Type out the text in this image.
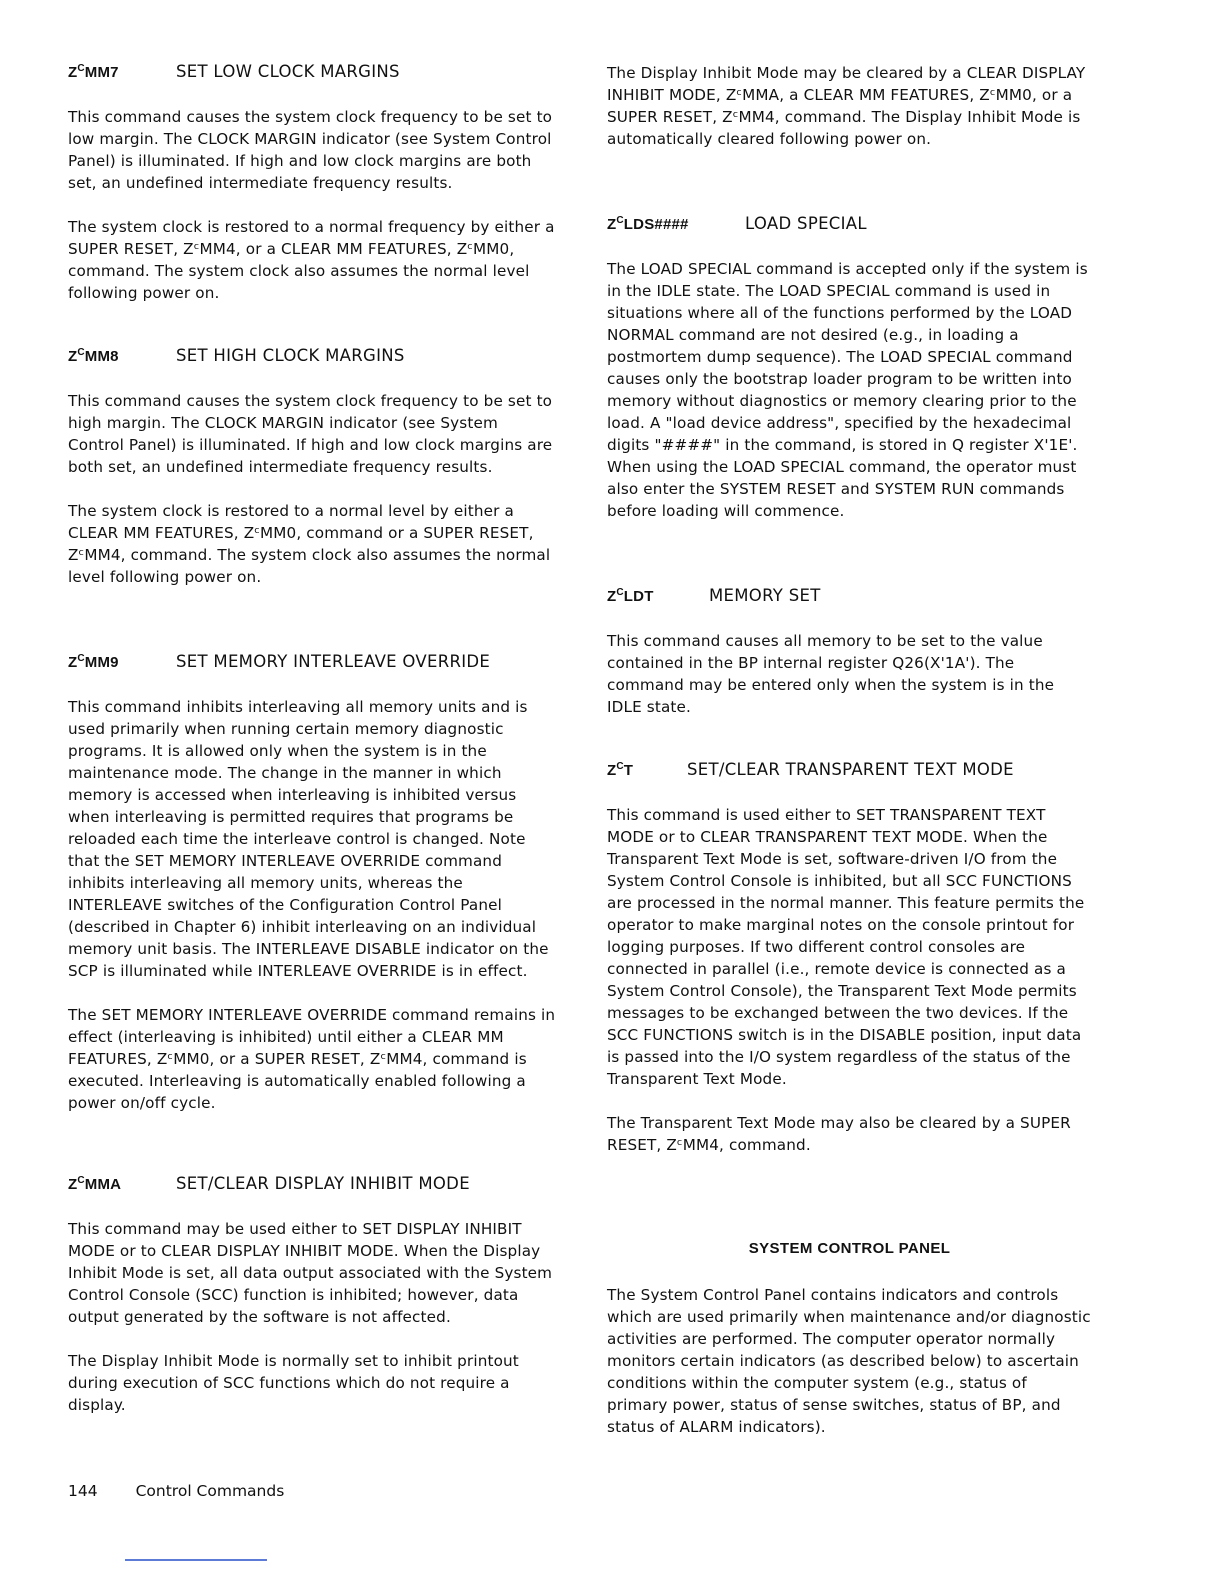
$Z^CMM7$	SET LOW CLOCK MARGINS

This command causes the system clock frequency to be set to low margin. The CLOCK MARGIN indicator (see System Control Panel) is illuminated. If high and low clock margins are both set, an undefined intermediate frequency results.

The system clock is restored to a normal frequency by either a SUPER RESET, ZᶜMM4, or a CLEAR MM FEATURES, ZᶜMM0, command. The system clock also assumes the normal level following power on.

$Z^CMM8$	SET HIGH CLOCK MARGINS

This command causes the system clock frequency to be set to high margin. The CLOCK MARGIN indicator (see System Control Panel) is illuminated. If high and low clock margins are both set, an undefined intermediate frequency results.

The system clock is restored to a normal level by either a CLEAR MM FEATURES, ZᶜMM0, command or a SUPER RESET, ZᶜMM4, command. The system clock also assumes the normal level following power on.

$Z^CMM9$	SET MEMORY INTERLEAVE OVERRIDE

This command inhibits interleaving all memory units and is used primarily when running certain memory diagnostic programs. It is allowed only when the system is in the maintenance mode. The change in the manner in which memory is accessed when interleaving is inhibited versus when interleaving is permitted requires that programs be reloaded each time the interleave control is changed. Note that the SET MEMORY INTERLEAVE OVERRIDE command inhibits interleaving all memory units, whereas the INTERLEAVE switches of the Configuration Control Panel (described in Chapter 6) inhibit interleaving on an individual memory unit basis. The INTERLEAVE DISABLE indicator on the SCP is illuminated while INTERLEAVE OVERRIDE is in effect.

The SET MEMORY INTERLEAVE OVERRIDE command remains in effect (interleaving is inhibited) until either a CLEAR MM FEATURES, ZᶜMM0, or a SUPER RESET, ZᶜMM4, command is executed. Interleaving is automatically enabled following a power on/off cycle.

$Z^CMMA$	SET/CLEAR DISPLAY INHIBIT MODE

This command may be used either to SET DISPLAY INHIBIT MODE or to CLEAR DISPLAY INHIBIT MODE. When the Display Inhibit Mode is set, all data output associated with the System Control Console (SCC) function is inhibited; however, data output generated by the software is not affected.

The Display Inhibit Mode is normally set to inhibit printout during execution of SCC functions which do not require a display.

The Display Inhibit Mode may be cleared by a CLEAR DISPLAY INHIBIT MODE, ZᶜMMA, a CLEAR MM FEATURES, ZᶜMM0, or a SUPER RESET, ZᶜMM4, command. The Display Inhibit Mode is automatically cleared following power on.

$Z^CLDS\#\#\#\#$	LOAD SPECIAL

The LOAD SPECIAL command is accepted only if the system is in the IDLE state. The LOAD SPECIAL command is used in situations where all of the functions performed by the LOAD NORMAL command are not desired (e.g., in loading a postmortem dump sequence). The LOAD SPECIAL command causes only the bootstrap loader program to be written into memory without diagnostics or memory clearing prior to the load. A "load device address", specified by the hexadecimal digits "####" in the command, is stored in Q register X'1E'. When using the LOAD SPECIAL command, the operator must also enter the SYSTEM RESET and SYSTEM RUN commands before loading will commence.

$Z^CLDT$	MEMORY SET

This command causes all memory to be set to the value contained in the BP internal register Q26(X'1A'). The command may be entered only when the system is in the IDLE state.

$Z^CT$	SET/CLEAR TRANSPARENT TEXT MODE

This command is used either to SET TRANSPARENT TEXT MODE or to CLEAR TRANSPARENT TEXT MODE. When the Transparent Text Mode is set, software-driven I/O from the System Control Console is inhibited, but all SCC FUNCTIONS are processed in the normal manner. This feature permits the operator to make marginal notes on the console printout for logging purposes. If two different control consoles are connected in parallel (i.e., remote device is connected as a System Control Console), the Transparent Text Mode permits messages to be exchanged between the two devices. If the SCC FUNCTIONS switch is in the DISABLE position, input data is passed into the I/O system regardless of the status of the Transparent Text Mode.

The Transparent Text Mode may also be cleared by a SUPER RESET, ZᶜMM4, command.

SYSTEM CONTROL PANEL

The System Control Panel contains indicators and controls which are used primarily when maintenance and/or diagnostic activities are performed. The computer operator normally monitors certain indicators (as described below) to ascertain conditions within the computer system (e.g., status of primary power, status of sense switches, status of BP, and status of ALARM indicators).

144 Control Commands
